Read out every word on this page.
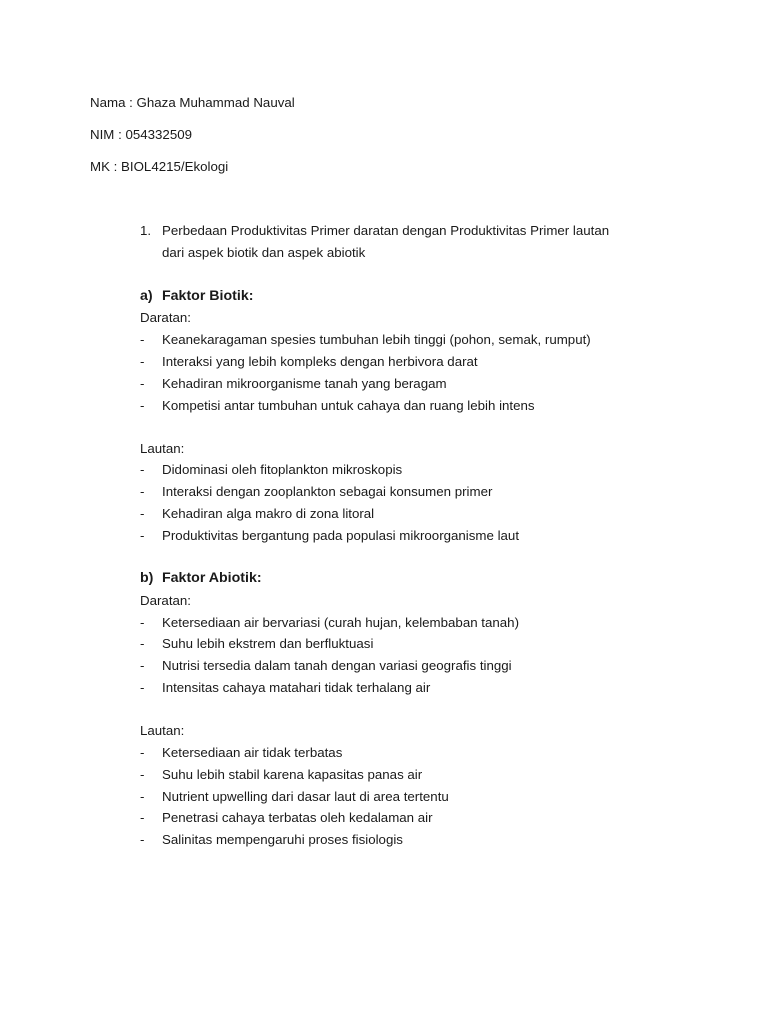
Nama : Ghaza Muhammad Nauval
NIM : 054332509
MK : BIOL4215/Ekologi
1. Perbedaan Produktivitas Primer daratan dengan Produktivitas Primer lautan
dari aspek biotik dan aspek abiotik
a) Faktor Biotik:
Daratan:
- Keanekaragaman spesies tumbuhan lebih tinggi (pohon, semak, rumput)
- Interaksi yang lebih kompleks dengan herbivora darat
- Kehadiran mikroorganisme tanah yang beragam
- Kompetisi antar tumbuhan untuk cahaya dan ruang lebih intens
Lautan:
- Didominasi oleh fitoplankton mikroskopis
- Interaksi dengan zooplankton sebagai konsumen primer
- Kehadiran alga makro di zona litoral
- Produktivitas bergantung pada populasi mikroorganisme laut
b) Faktor Abiotik:
Daratan:
- Ketersediaan air bervariasi (curah hujan, kelembaban tanah)
- Suhu lebih ekstrem dan berfluktuasi
- Nutrisi tersedia dalam tanah dengan variasi geografis tinggi
- Intensitas cahaya matahari tidak terhalang air
Lautan:
- Ketersediaan air tidak terbatas
- Suhu lebih stabil karena kapasitas panas air
- Nutrient upwelling dari dasar laut di area tertentu
- Penetrasi cahaya terbatas oleh kedalaman air
- Salinitas mempengaruhi proses fisiologis
